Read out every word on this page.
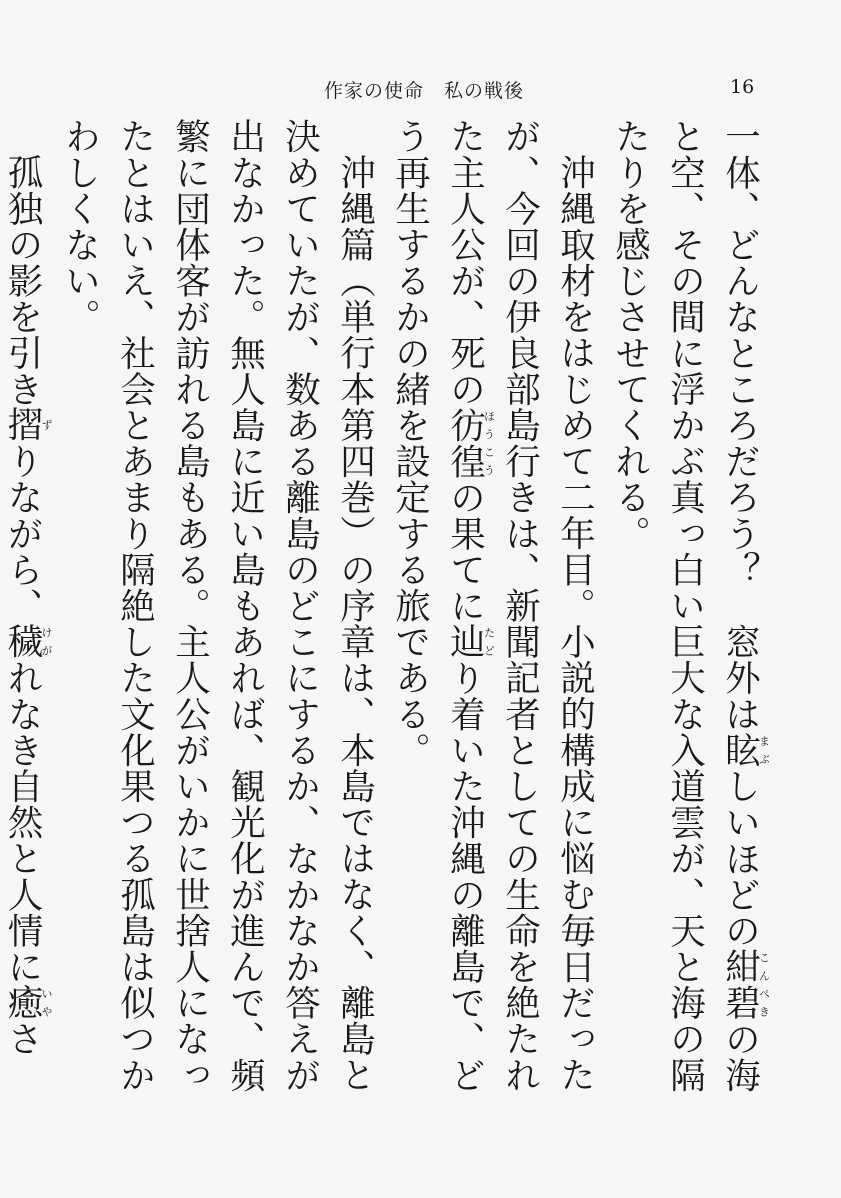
作家の使命　私の戦後	16

一体、どんなところだろう？　窓外は眩まぶしいほどの紺碧こんぺきの海と空、その間に浮かぶ真っ白い巨大な入道雲が、天と海の隔たりを感じさせてくれる。

沖縄取材をはじめて二年目。小説的構成に悩む毎日だったが、今回の伊良部島行きは、新聞記者としての生命を絶たれた主人公が、死の彷徨ほうこうの果てに辿たどり着いた沖縄の離島で、どう再生するかの緒を設定する旅である。

沖縄篇（単行本第四巻）の序章は、本島ではなく、離島と決めていたが、数ある離島のどこにするか、なかなか答えが出なかった。無人島に近い島もあれば、観光化が進んで、頻繁に団体客が訪れる島もある。主人公がいかに世捨人になったとはいえ、社会とあまり隔絶した文化果つる孤島は似つかわしくない。

孤独の影を引き摺ずりながら、穢けがれなき自然と人情に癒いやさ
